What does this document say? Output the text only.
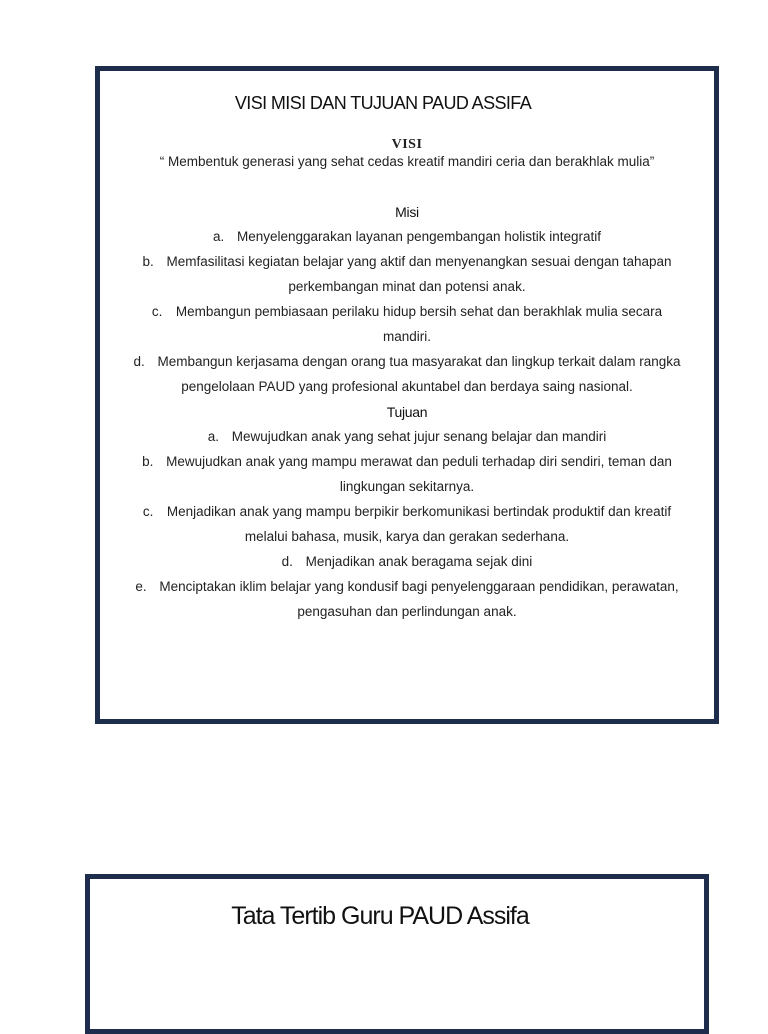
VISI MISI DAN TUJUAN PAUD ASSIFA
VISI
“ Membentuk generasi yang sehat cedas kreatif mandiri ceria dan berakhlak mulia”
Misi
a. Menyelenggarakan layanan pengembangan holistik integratif
b. Memfasilitasi kegiatan belajar yang aktif dan menyenangkan sesuai dengan tahapan
perkembangan minat dan potensi anak.
c. Membangun pembiasaan perilaku hidup bersih sehat dan berakhlak mulia secara mandiri.
d. Membangun kerjasama dengan orang tua masyarakat dan lingkup terkait dalam rangka
pengelolaan PAUD yang profesional akuntabel dan berdaya saing nasional.
Tujuan
a. Mewujudkan anak yang sehat jujur senang belajar dan mandiri
b. Mewujudkan anak yang mampu merawat dan peduli terhadap diri sendiri, teman dan
lingkungan sekitarnya.
c. Menjadikan anak yang mampu berpikir berkomunikasi bertindak produktif dan kreatif
melalui bahasa, musik, karya dan gerakan sederhana.
d. Menjadikan anak beragama sejak dini
e. Menciptakan iklim belajar yang kondusif bagi penyelenggaraan pendidikan, perawatan,
pengasuhan dan perlindungan anak.
Tata Tertib Guru PAUD Assifa
